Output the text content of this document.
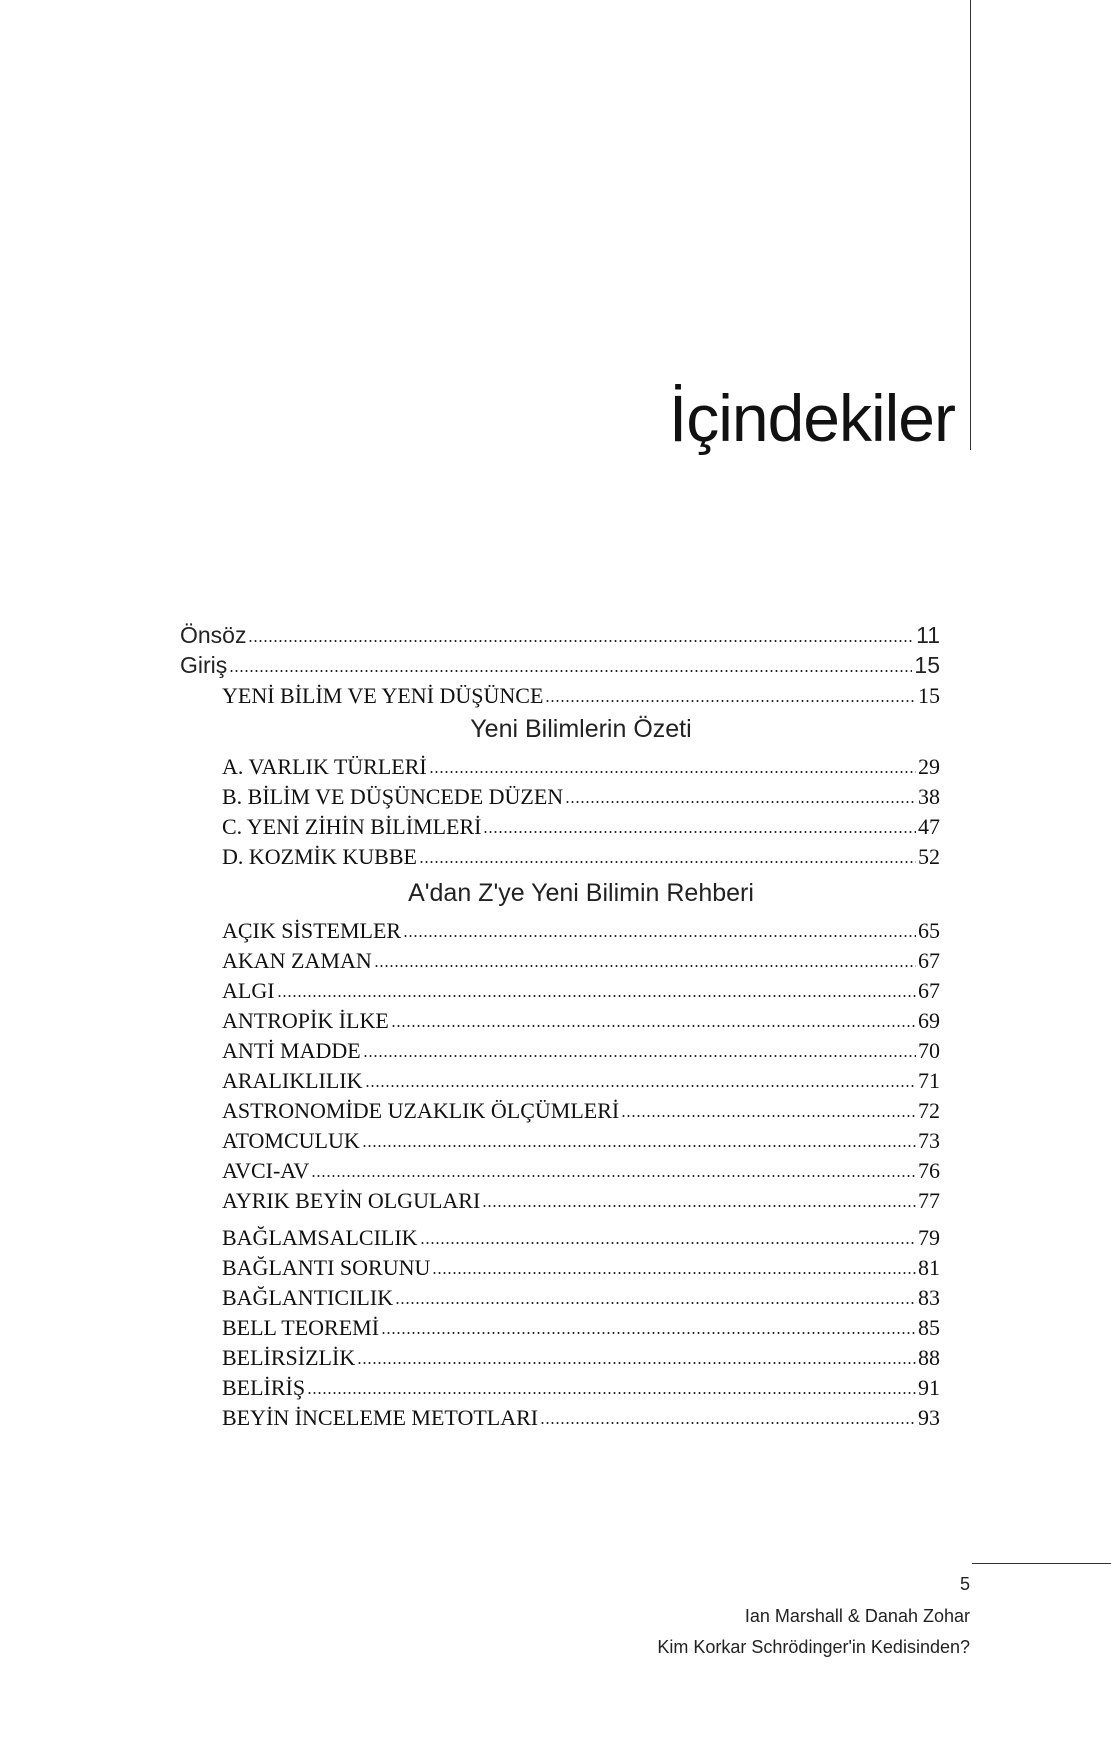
İçindekiler
Önsöz	11
Giriş	15
YENİ BİLİM VE YENİ DÜŞÜNCE	15
Yeni Bilimlerin Özeti
A. VARLIK TÜRLERİ	29
B. BİLİM VE DÜŞÜNCEDE DÜZEN	38
C. YENİ ZİHİN BİLİMLERİ	47
D. KOZMİK KUBBE	52
A'dan Z'ye Yeni Bilimin Rehberi
AÇIK SİSTEMLER	65
AKAN ZAMAN	67
ALGI	67
ANTROPİK İLKE	69
ANTİ MADDE	70
ARALIKLILIK	71
ASTRONOMİDE UZAKLIK ÖLÇÜMLERİ	72
ATOMCULUK	73
AVCI-AV	76
AYRIK BEYİN OLGULARI	77
BAĞLAMSALCILIK	79
BAĞLANTI SORUNU	81
BAĞLANTICILIK	83
BELL TEOREMİ	85
BELİRSİZLİK	88
BELİRİŞ	91
BEYİN İNCELEME METOTLARI	93
5
Ian Marshall & Danah Zohar
Kim Korkar Schrödinger'in Kedisinden?
